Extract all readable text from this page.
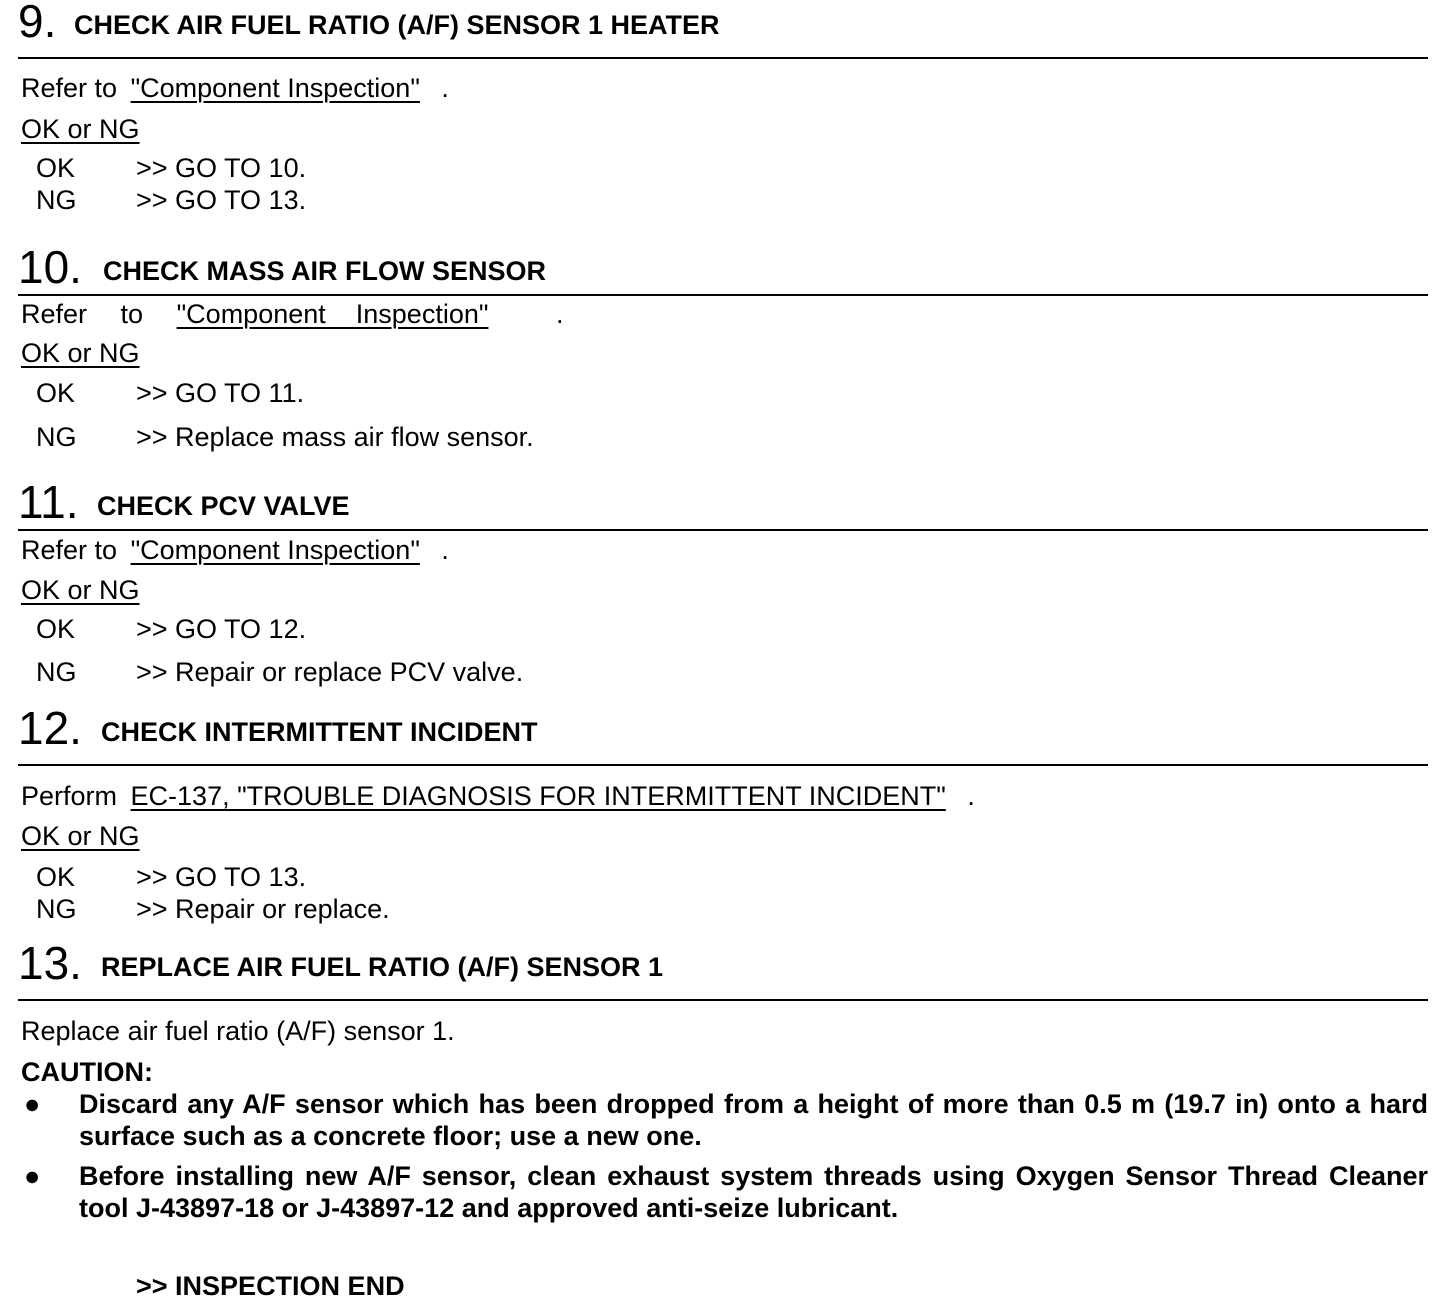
9. CHECK AIR FUEL RATIO (A/F) SENSOR 1 HEATER
Refer to "Component Inspection" .
OK or NG
OK >> GO TO 10.
NG >> GO TO 13.
10. CHECK MASS AIR FLOW SENSOR
Refer to "Component    Inspection"	.
OK or NG
OK >> GO TO 11.
NG >> Replace mass air flow sensor.
11. CHECK PCV VALVE
Refer to "Component Inspection" .
OK or NG
OK >> GO TO 12.
NG >> Repair or replace PCV valve.
12. CHECK INTERMITTENT INCIDENT
Perform EC-137, "TROUBLE DIAGNOSIS FOR INTERMITTENT INCIDENT" .
OK or NG
OK >> GO TO 13.
NG >> Repair or replace.
13. REPLACE AIR FUEL RATIO (A/F) SENSOR 1
Replace air fuel ratio (A/F) sensor 1.
CAUTION:
● Discard any A/F sensor which has been dropped from a height of more than 0.5 m (19.7 in) onto a hard surface such as a concrete floor; use a new one.
● Before installing new A/F sensor, clean exhaust system threads using Oxygen Sensor Thread Cleaner tool J-43897-18 or J-43897-12 and approved anti-seize lubricant.
>> INSPECTION END
